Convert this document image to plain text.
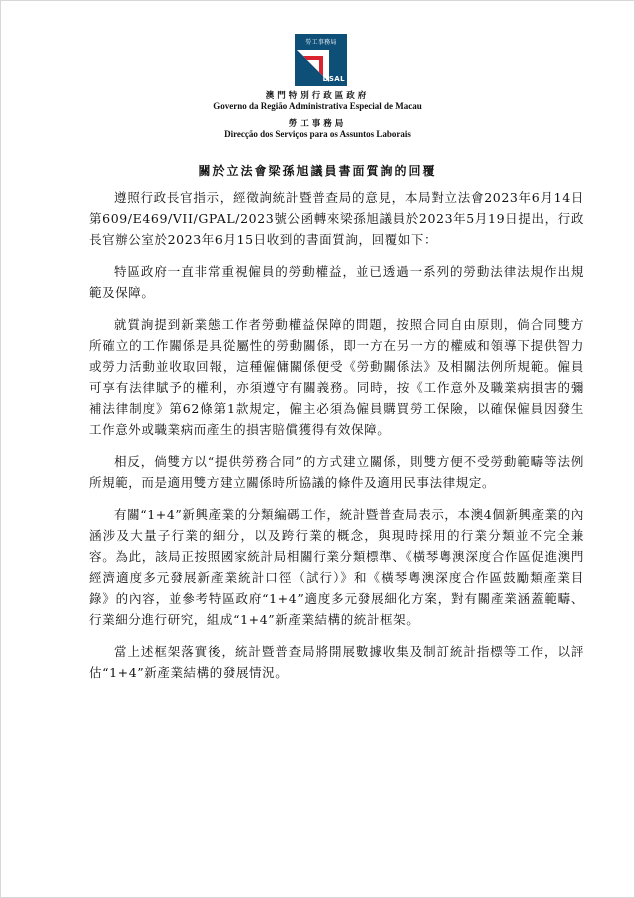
勞工事務局
DSAL
澳門特別行政區政府
Governo da Região Administrativa Especial de Macau
勞工事務局
Direcção dos Serviços para os Assuntos Laborais
關於立法會梁孫旭議員書面質詢的回覆

遵照行政長官指示，經徵詢統計暨普查局的意見，本局對立法會2023年6月14日第609/E469/VII/GPAL/2023號公函轉來梁孫旭議員於2023年5月19日提出，行政長官辦公室於2023年6月15日收到的書面質詢，回覆如下：

特區政府一直非常重視僱員的勞動權益，並已透過一系列的勞動法律法規作出規範及保障。

就質詢提到新業態工作者勞動權益保障的問題，按照合同自由原則，倘合同雙方所確立的工作關係是具從屬性的勞動關係，即一方在另一方的權威和領導下提供智力或勞力活動並收取回報，這種僱傭關係便受《勞動關係法》及相關法例所規範。僱員可享有法律賦予的權利，亦須遵守有關義務。同時，按《工作意外及職業病損害的彌補法律制度》第62條第1款規定，僱主必須為僱員購買勞工保險，以確保僱員因發生工作意外或職業病而產生的損害賠償獲得有效保障。

相反，倘雙方以“提供勞務合同”的方式建立關係，則雙方便不受勞動範疇等法例所規範，而是適用雙方建立關係時所協議的條件及適用民事法律規定。

有關“1+4”新興產業的分類編碼工作，統計暨普查局表示，本澳4個新興產業的內涵涉及大量子行業的細分，以及跨行業的概念，與現時採用的行業分類並不完全兼容。為此，該局正按照國家統計局相關行業分類標準、《橫琴粵澳深度合作區促進澳門經濟適度多元發展新產業統計口徑（試行）》和《橫琴粵澳深度合作區鼓勵類產業目錄》的內容，並參考特區政府“1+4”適度多元發展細化方案，對有關產業涵蓋範疇、行業細分進行研究，組成“1+4”新產業結構的統計框架。

當上述框架落實後，統計暨普查局將開展數據收集及制訂統計指標等工作，以評估“1+4”新產業結構的發展情況。
